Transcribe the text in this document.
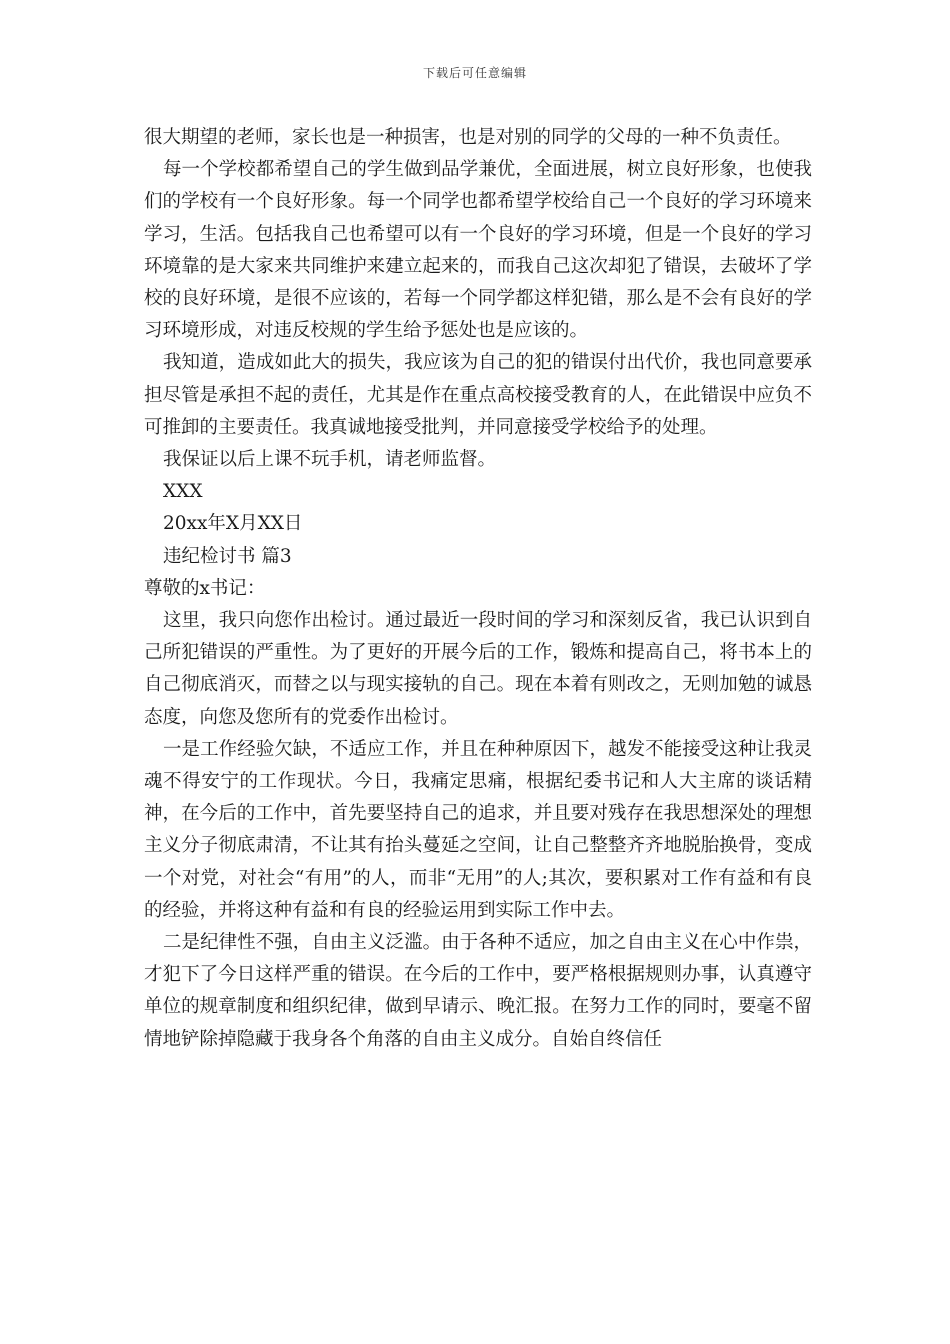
下载后可任意编辑

很大期望的老师，家长也是一种损害，也是对别的同学的父母的一种不负责任。

每一个学校都希望自己的学生做到品学兼优，全面进展，树立良好形象，也使我们的学校有一个良好形象。每一个同学也都希望学校给自己一个良好的学习环境来学习，生活。包括我自己也希望可以有一个良好的学习环境，但是一个良好的学习环境靠的是大家来共同维护来建立起来的，而我自己这次却犯了错误，去破坏了学校的良好环境，是很不应该的，若每一个同学都这样犯错，那么是不会有良好的学习环境形成，对违反校规的学生给予惩处也是应该的。

我知道，造成如此大的损失，我应该为自己的犯的错误付出代价，我也同意要承担尽管是承担不起的责任，尤其是作在重点高校接受教育的人，在此错误中应负不可推卸的主要责任。我真诚地接受批判，并同意接受学校给予的处理。

我保证以后上课不玩手机，请老师监督。

XXX

20xx年X月XX日

违纪检讨书 篇3

尊敬的x书记：

这里，我只向您作出检讨。通过最近一段时间的学习和深刻反省，我已认识到自己所犯错误的严重性。为了更好的开展今后的工作，锻炼和提高自己，将书本上的自己彻底消灭，而替之以与现实接轨的自己。现在本着有则改之，无则加勉的诚恳态度，向您及您所有的党委作出检讨。

一是工作经验欠缺，不适应工作，并且在种种原因下，越发不能接受这种让我灵魂不得安宁的工作现状。今日，我痛定思痛，根据纪委书记和人大主席的谈话精神，在今后的工作中，首先要坚持自己的追求，并且要对残存在我思想深处的理想主义分子彻底肃清，不让其有抬头蔓延之空间，让自己整整齐齐地脱胎换骨，变成一个对党，对社会“有用”的人，而非“无用”的人;其次，要积累对工作有益和有良的经验，并将这种有益和有良的经验运用到实际工作中去。

二是纪律性不强，自由主义泛滥。由于各种不适应，加之自由主义在心中作祟，才犯下了今日这样严重的错误。在今后的工作中，要严格根据规则办事，认真遵守单位的规章制度和组织纪律，做到早请示、晚汇报。在努力工作的同时，要毫不留情地铲除掉隐藏于我身各个角落的自由主义成分。自始自终信任
